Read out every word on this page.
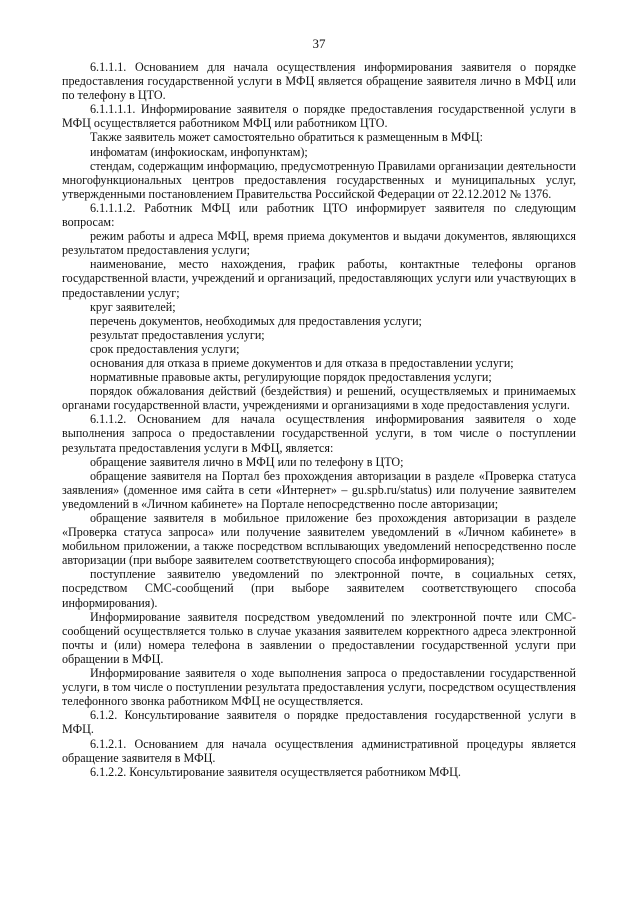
37

6.1.1.1. Основанием для начала осуществления информирования заявителя о порядке предоставления государственной услуги в МФЦ является обращение заявителя лично в МФЦ или по телефону в ЦТО.

6.1.1.1.1. Информирование заявителя о порядке предоставления государственной услуги в МФЦ осуществляется работником МФЦ или работником ЦТО.

Также заявитель может самостоятельно обратиться к размещенным в МФЦ:

инфоматам (инфокиоскам, инфопунктам);

стендам, содержащим информацию, предусмотренную Правилами организации деятельности многофункциональных центров предоставления государственных и муниципальных услуг, утвержденными постановлением Правительства Российской Федерации от 22.12.2012 № 1376.

6.1.1.1.2. Работник МФЦ или работник ЦТО информирует заявителя по следующим вопросам:

режим работы и адреса МФЦ, время приема документов и выдачи документов, являющихся результатом предоставления услуги;

наименование, место нахождения, график работы, контактные телефоны органов государственной власти, учреждений и организаций, предоставляющих услуги или участвующих в предоставлении услуг;

круг заявителей;

перечень документов, необходимых для предоставления услуги;

результат предоставления услуги;

срок предоставления услуги;

основания для отказа в приеме документов и для отказа в предоставлении услуги;

нормативные правовые акты, регулирующие порядок предоставления услуги;

порядок обжалования действий (бездействия) и решений, осуществляемых и принимаемых органами государственной власти, учреждениями и организациями в ходе предоставления услуги.

6.1.1.2. Основанием для начала осуществления информирования заявителя о ходе выполнения запроса о предоставлении государственной услуги, в том числе о поступлении результата предоставления услуги в МФЦ, является:

обращение заявителя лично в МФЦ или по телефону в ЦТО;

обращение заявителя на Портал без прохождения авторизации в разделе «Проверка статуса заявления» (доменное имя сайта в сети «Интернет» – gu.spb.ru/status) или получение заявителем уведомлений в «Личном кабинете» на Портале непосредственно после авторизации;

обращение заявителя в мобильное приложение без прохождения авторизации в разделе «Проверка статуса запроса» или получение заявителем уведомлений в «Личном кабинете» в мобильном приложении, а также посредством всплывающих уведомлений непосредственно после авторизации (при выборе заявителем соответствующего способа информирования);

поступление заявителю уведомлений по электронной почте, в социальных сетях, посредством СМС-сообщений (при выборе заявителем соответствующего способа информирования).

Информирование заявителя посредством уведомлений по электронной почте или СМС-сообщений осуществляется только в случае указания заявителем корректного адреса электронной почты и (или) номера телефона в заявлении о предоставлении государственной услуги при обращении в МФЦ.

Информирование заявителя о ходе выполнения запроса о предоставлении государственной услуги, в том числе о поступлении результата предоставления услуги, посредством осуществления телефонного звонка работником МФЦ не осуществляется.

6.1.2. Консультирование заявителя о порядке предоставления государственной услуги в МФЦ.

6.1.2.1. Основанием для начала осуществления административной процедуры является обращение заявителя в МФЦ.

6.1.2.2. Консультирование заявителя осуществляется работником МФЦ.
